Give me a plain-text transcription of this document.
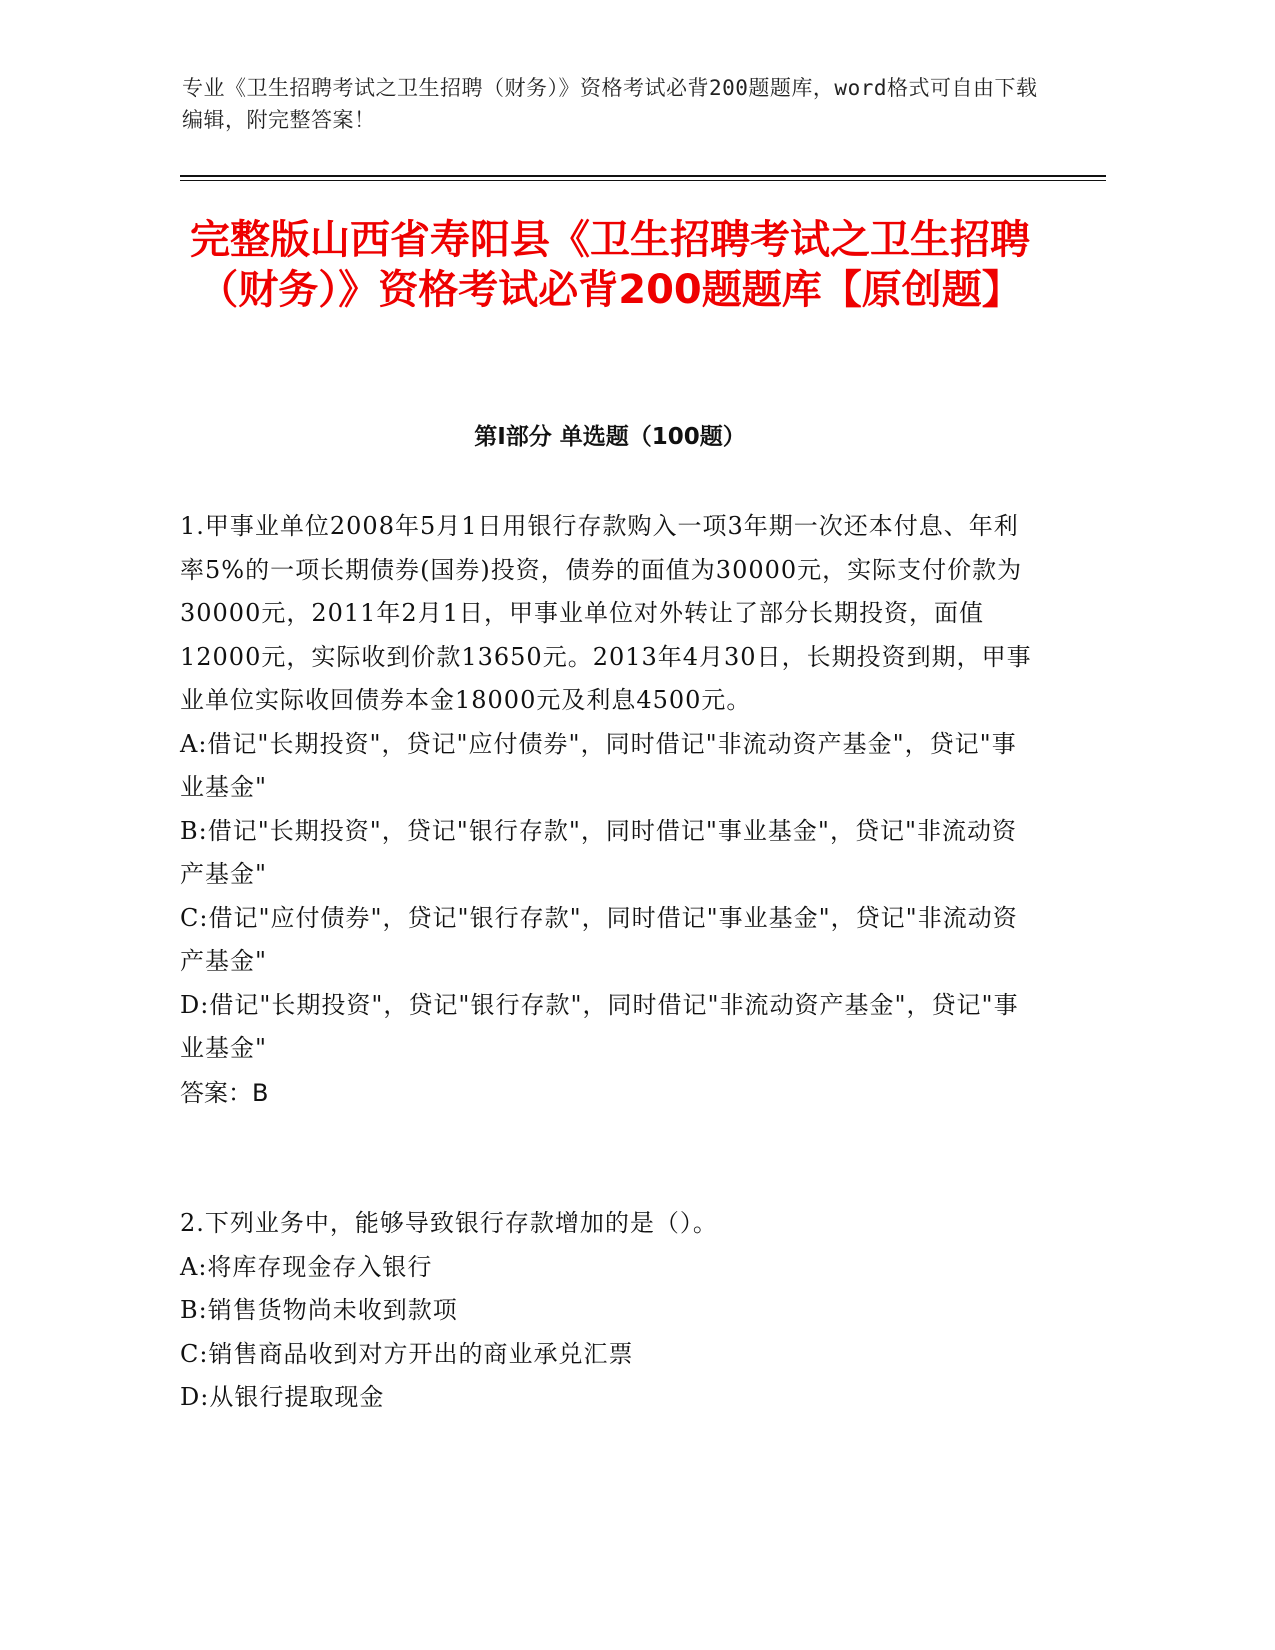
专业《卫生招聘考试之卫生招聘（财务）》资格考试必背200题题库，word格式可自由下载编辑，附完整答案！
完整版山西省寿阳县《卫生招聘考试之卫生招聘（财务）》资格考试必背200题题库【原创题】
第Ⅰ部分 单选题（100题）

1.甲事业单位2008年5月1日用银行存款购入一项3年期一次还本付息、年利率5%的一项长期债券(国券)投资，债券的面值为30000元，实际支付价款为30000元，2011年2月1日，甲事业单位对外转让了部分长期投资，面值12000元，实际收到价款13650元。2013年4月30日，长期投资到期，甲事业单位实际收回债券本金18000元及利息4500元。

A:借记"长期投资"，贷记"应付债券"，同时借记"非流动资产基金"，贷记"事业基金"

B:借记"长期投资"，贷记"银行存款"，同时借记"事业基金"，贷记"非流动资产基金"

C:借记"应付债券"，贷记"银行存款"，同时借记"事业基金"，贷记"非流动资产基金"

D:借记"长期投资"，贷记"银行存款"，同时借记"非流动资产基金"，贷记"事业基金"

答案：B

2.下列业务中，能够导致银行存款增加的是（）。

A:将库存现金存入银行

B:销售货物尚未收到款项

C:销售商品收到对方开出的商业承兑汇票

D:从银行提取现金
